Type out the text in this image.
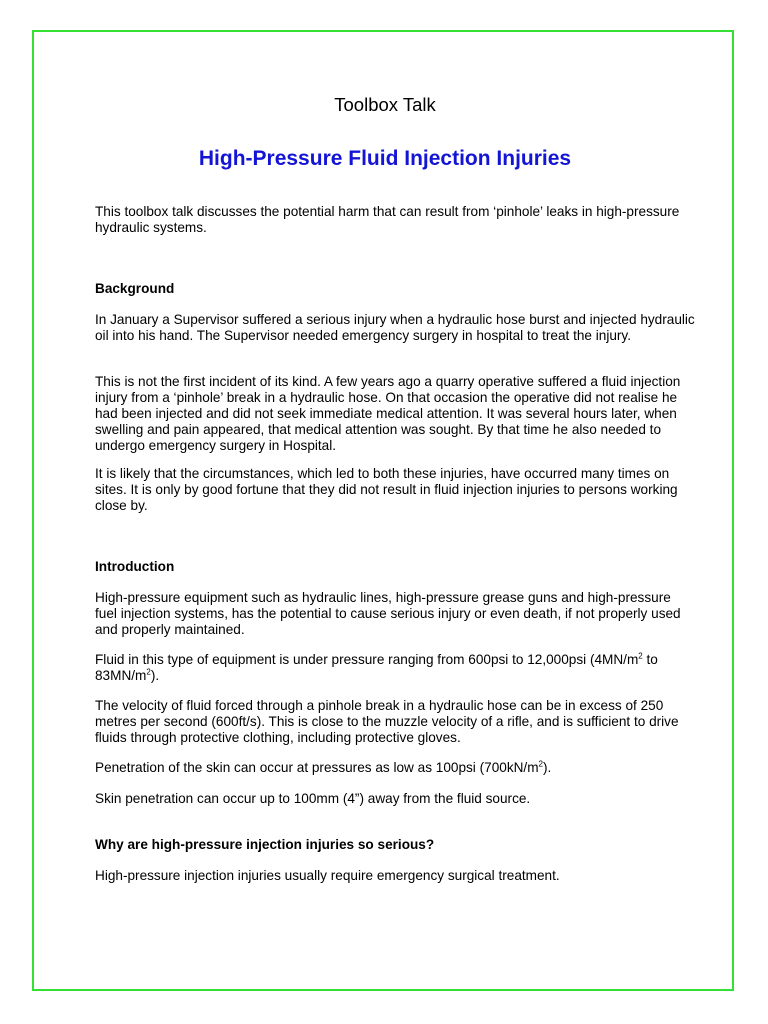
Toolbox Talk
High-Pressure Fluid Injection Injuries

This toolbox talk discusses the potential harm that can result from ‘pinhole’ leaks in high-pressure hydraulic systems.

Background

In January a Supervisor suffered a serious injury when a hydraulic hose burst and injected hydraulic oil into his hand. The Supervisor needed emergency surgery in hospital to treat the injury.

This is not the first incident of its kind. A few years ago a quarry operative suffered a fluid injection injury from a ‘pinhole’ break in a hydraulic hose. On that occasion the operative did not realise he had been injected and did not seek immediate medical attention. It was several hours later, when swelling and pain appeared, that medical attention was sought. By that time he also needed to undergo emergency surgery in Hospital.

It is likely that the circumstances, which led to both these injuries, have occurred many times on sites. It is only by good fortune that they did not result in fluid injection injuries to persons working close by.

Introduction

High-pressure equipment such as hydraulic lines, high-pressure grease guns and high-pressure fuel injection systems, has the potential to cause serious injury or even death, if not properly used and properly maintained.

Fluid in this type of equipment is under pressure ranging from 600psi to 12,000psi ($4MN/m^2$ to $83MN/m^2$).

The velocity of fluid forced through a pinhole break in a hydraulic hose can be in excess of 250 metres per second (600ft/s). This is close to the muzzle velocity of a rifle, and is sufficient to drive fluids through protective clothing, including protective gloves.

Penetration of the skin can occur at pressures as low as 100psi $(700kN/m^2)$.

Skin penetration can occur up to 100mm (4”) away from the fluid source.

Why are high-pressure injection injuries so serious?

High-pressure injection injuries usually require emergency surgical treatment.
